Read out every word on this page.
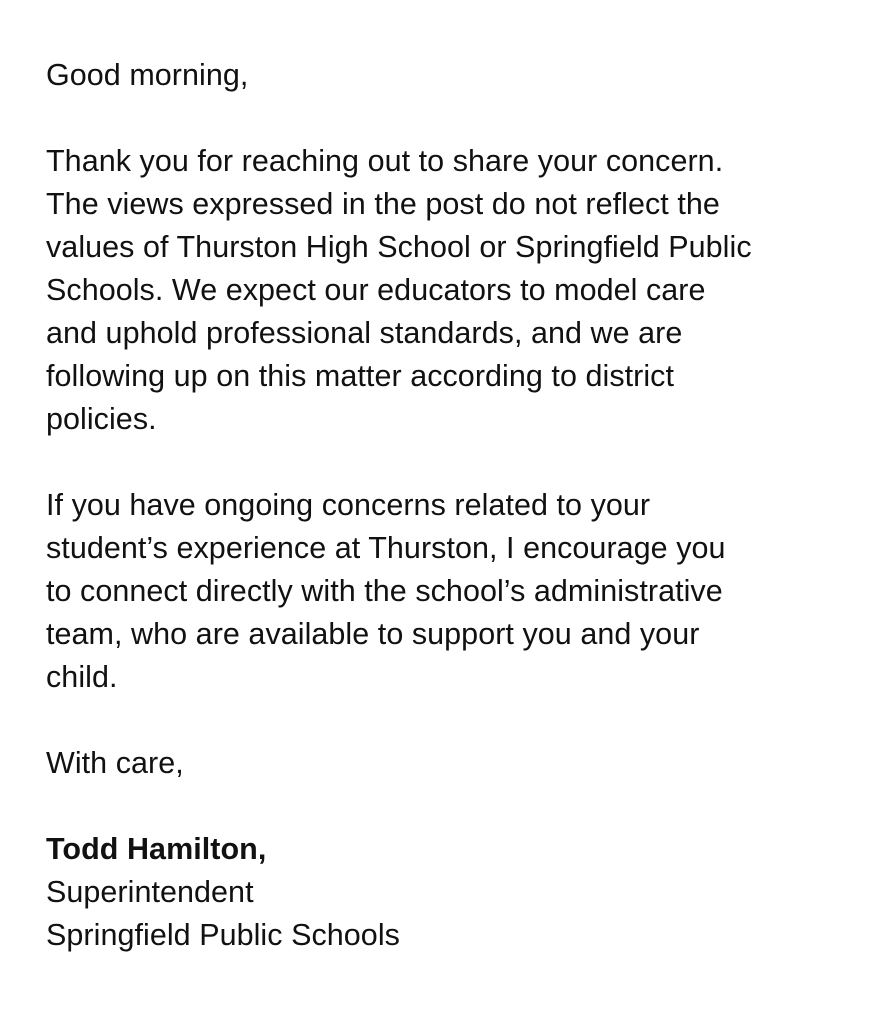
Good morning,

Thank you for reaching out to share your concern.
The views expressed in the post do not reflect the
values of Thurston High School or Springfield Public
Schools. We expect our educators to model care
and uphold professional standards, and we are
following up on this matter according to district
policies.

If you have ongoing concerns related to your
student’s experience at Thurston, I encourage you
to connect directly with the school’s administrative
team, who are available to support you and your
child.

With care,

Todd Hamilton,
Superintendent
Springfield Public Schools
